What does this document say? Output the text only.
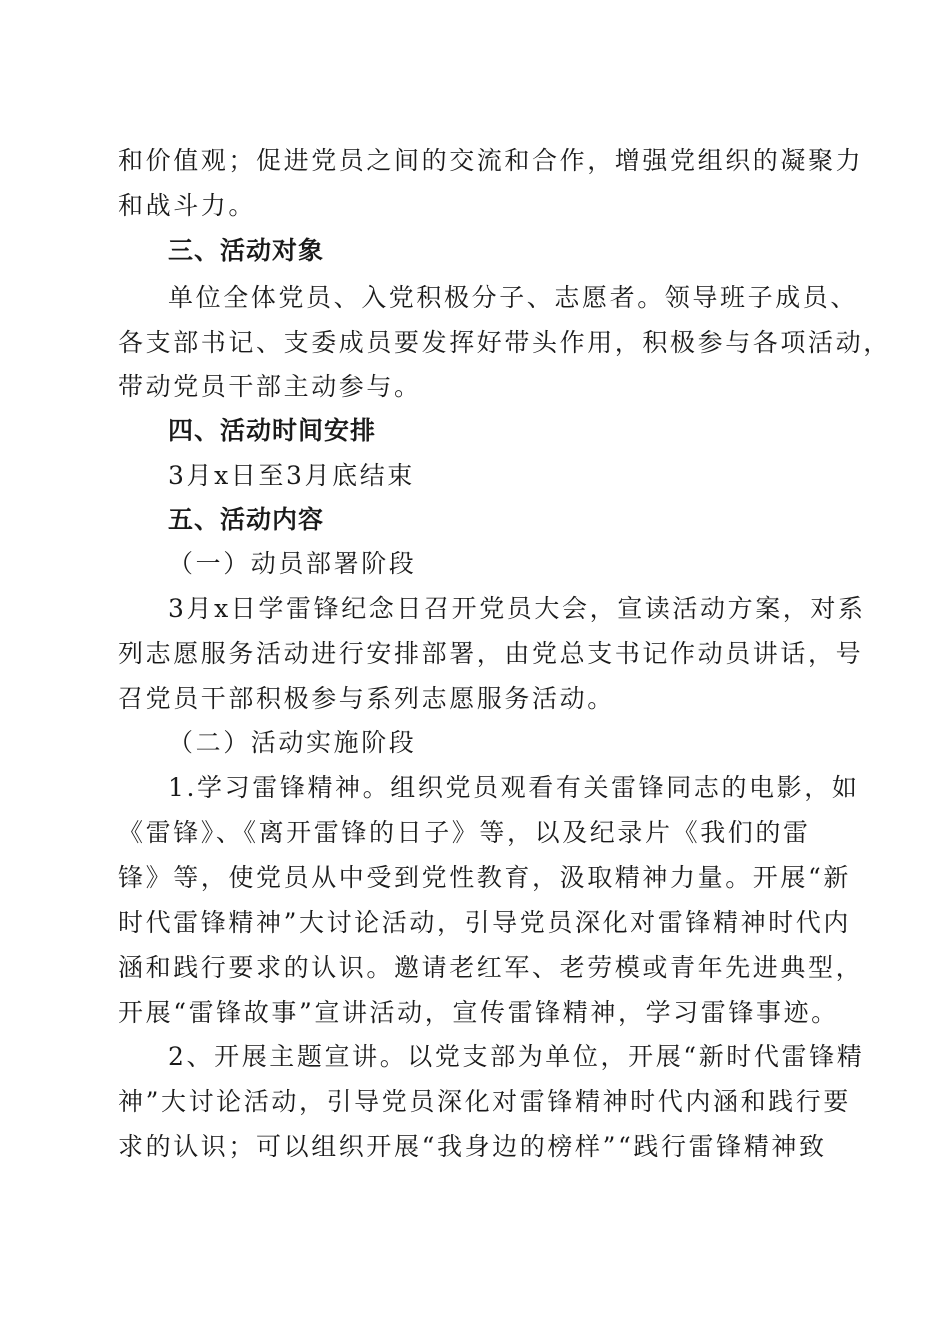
和价值观；促进党员之间的交流和合作，增强党组织的凝聚力
和战斗力。
三、活动对象
单位全体党员、入党积极分子、志愿者。领导班子成员、
各支部书记、支委成员要发挥好带头作用，积极参与各项活动，
带动党员干部主动参与。
四、活动时间安排
3月x日至3月底结束
五、活动内容
（一）动员部署阶段
3月x日学雷锋纪念日召开党员大会，宣读活动方案，对系
列志愿服务活动进行安排部署，由党总支书记作动员讲话，号
召党员干部积极参与系列志愿服务活动。
（二）活动实施阶段
1.学习雷锋精神。组织党员观看有关雷锋同志的电影，如
《雷锋》、《离开雷锋的日子》等，以及纪录片《我们的雷
锋》等，使党员从中受到党性教育，汲取精神力量。开展“新
时代雷锋精神”大讨论活动，引导党员深化对雷锋精神时代内
涵和践行要求的认识。邀请老红军、老劳模或青年先进典型，
开展“雷锋故事”宣讲活动，宣传雷锋精神，学习雷锋事迹。
2、开展主题宣讲。以党支部为单位，开展“新时代雷锋精
神”大讨论活动，引导党员深化对雷锋精神时代内涵和践行要
求的认识；可以组织开展“我身边的榜样”“践行雷锋精神致
